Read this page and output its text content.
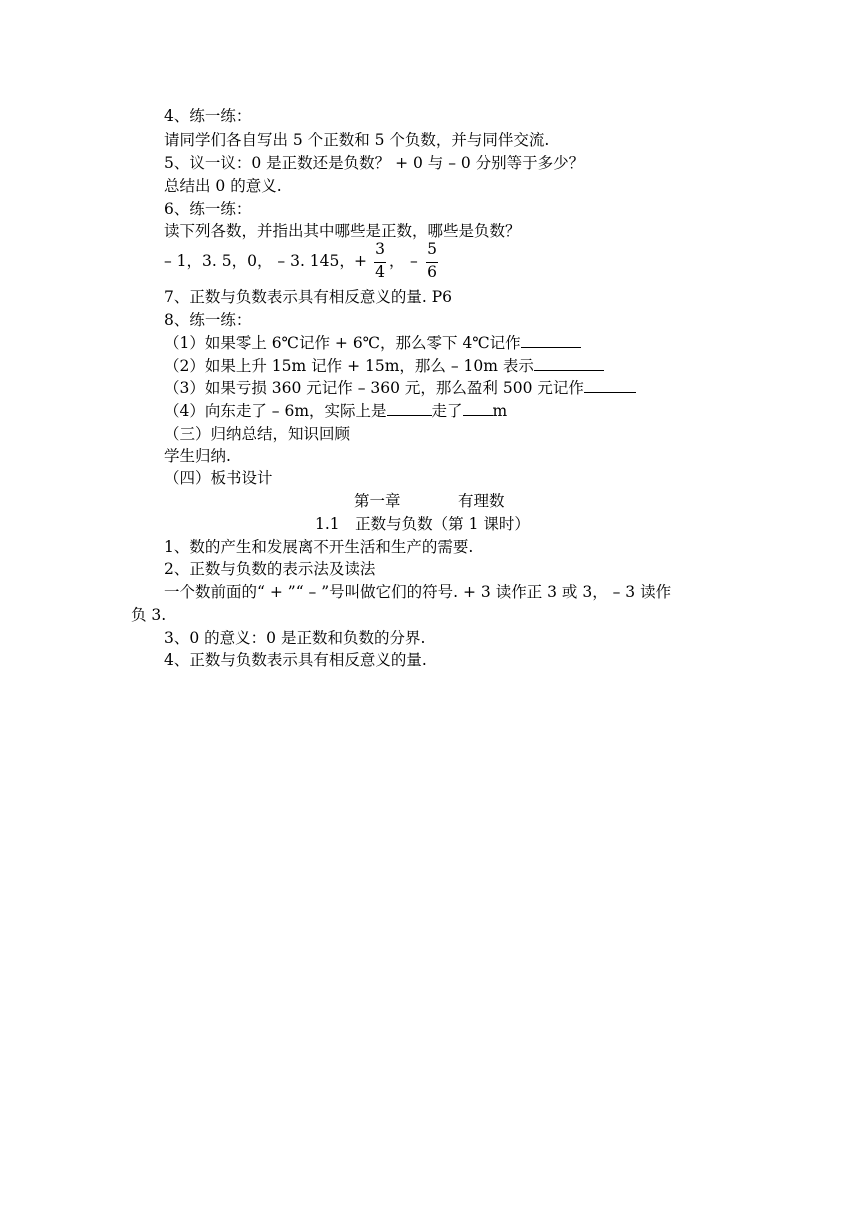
4、练一练：
请同学们各自写出 5 个正数和 5 个负数，并与同伴交流.
5、议一议：0 是正数还是负数？ + 0 与 – 0 分别等于多少？
总结出 0 的意义.
6、练一练：
读下列各数，并指出其中哪些是正数，哪些是负数？
– 1，3. 5，0， – 3. 145， +
3
4
， –
5
6
7、正数与负数表示具有相反意义的量. P6
8、练一练：
（1）如果零上 6℃记作 + 6℃，那么零下 4℃记作
（2）如果上升 15m 记作 + 15m，那么 – 10m 表示
（3）如果亏损 360 元记作 – 360 元，那么盈利 500 元记作
（4）向东走了 – 6m，实际上是	走了 m
（三）归纳总结，知识回顾
学生归纳.
（四）板书设计
第一章	有理数
1.1　正数与负数（第 1 课时）
1、数的产生和发展离不开生活和生产的需要.
2、正数与负数的表示法及读法
一个数前面的“ + ”“ – ”号叫做它们的符号. + 3 读作正 3 或 3， – 3 读作
负 3.
3、0 的意义：0 是正数和负数的分界.
4、正数与负数表示具有相反意义的量.
